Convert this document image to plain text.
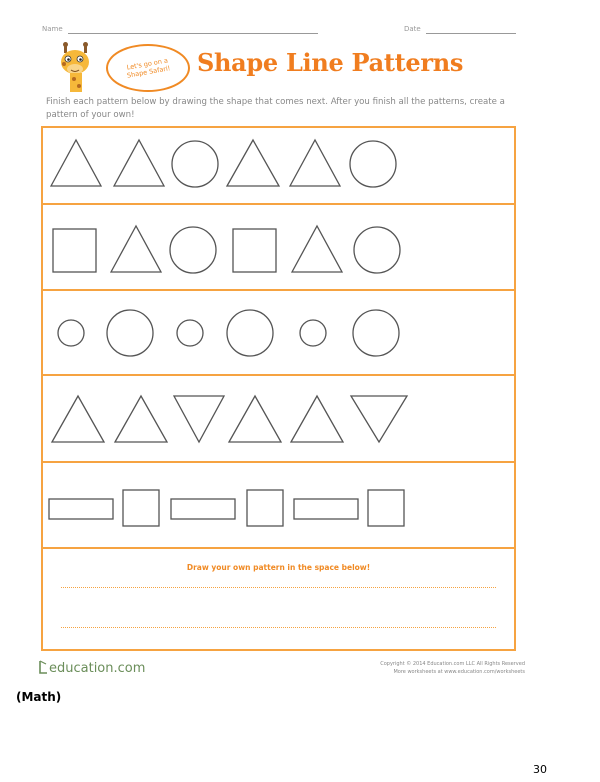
Name	Date
Let's go on a Shape Safari! Shape Line Patterns
Finish each pattern below by drawing the shape that comes next. After you finish all the patterns, create a pattern of your own!
Draw your own pattern in the space below!
education.com	Copyright © 2014 Education.com LLC All Rights Reserved
More worksheets at www.education.com/worksheets
(Math)
30
